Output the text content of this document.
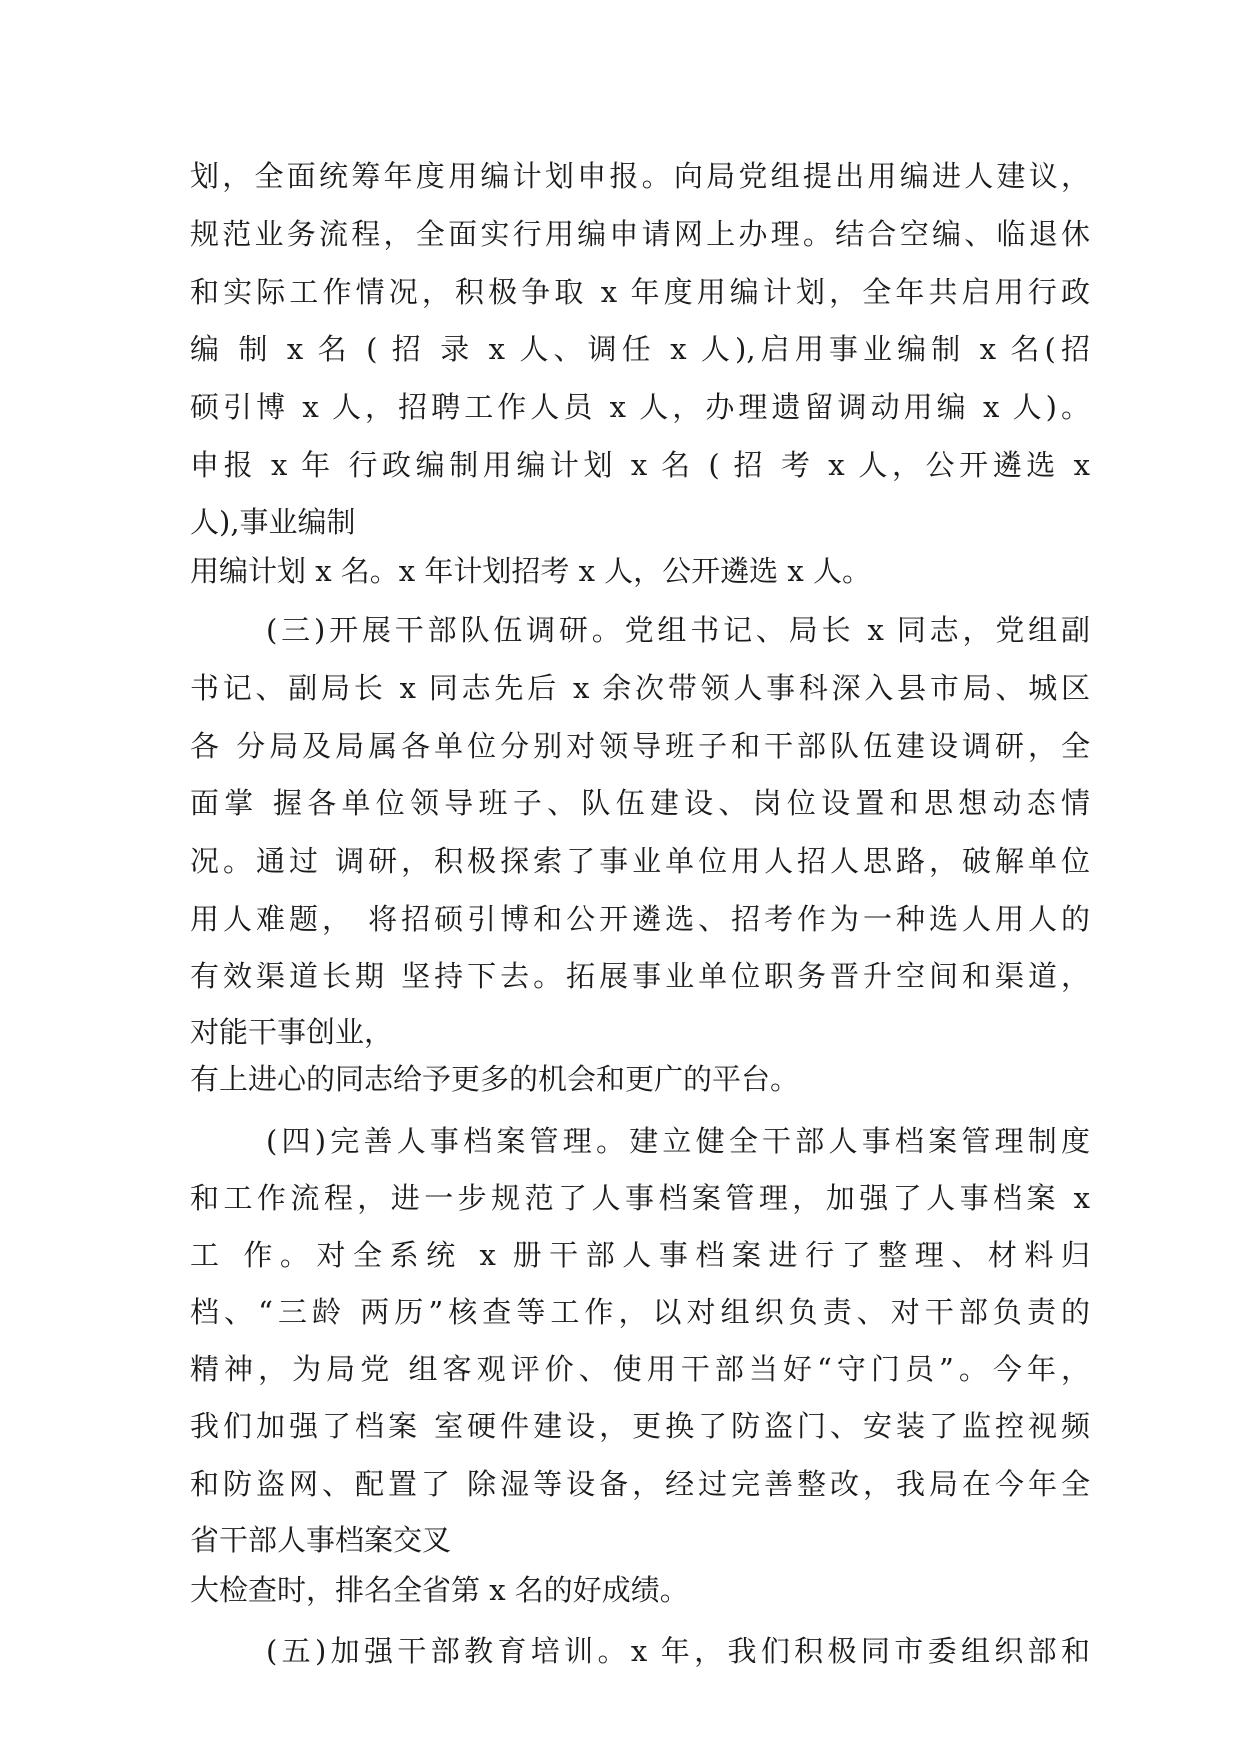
划，全面统筹年度用编计划申报。向局党组提出用编进人建议，
规范业务流程，全面实行用编申请网上办理。结合空编、临退休
和实际工作情况，积极争取 x 年度用编计划，全年共启用行政
编 制 x 名 ( 招 录 x 人、调任 x 人),启用事业编制 x 名(招
硕引博 x 人，招聘工作人员 x 人，办理遗留调动用编 x 人)。
申报 x 年 行政编制用编计划 x 名 ( 招 考 x 人，公开遴选 x
人),事业编制
用编计划 x 名。x 年计划招考 x 人，公开遴选 x 人。
(三)开展干部队伍调研。党组书记、局长 x 同志，党组副
书记、副局长 x 同志先后 x 余次带领人事科深入县市局、城区
各 分局及局属各单位分别对领导班子和干部队伍建设调研，全
面掌 握各单位领导班子、队伍建设、岗位设置和思想动态情
况。通过 调研，积极探索了事业单位用人招人思路，破解单位
用人难题， 将招硕引博和公开遴选、招考作为一种选人用人的
有效渠道长期 坚持下去。拓展事业单位职务晋升空间和渠道，
对能干事创业，
有上进心的同志给予更多的机会和更广的平台。
(四)完善人事档案管理。建立健全干部人事档案管理制度
和工作流程，进一步规范了人事档案管理，加强了人事档案 x
工 作。对全系统 x 册干部人事档案进行了整理、材料归
档、“三龄 两历”核查等工作，以对组织负责、对干部负责的
精神，为局党 组客观评价、使用干部当好“守门员”。今年，
我们加强了档案 室硬件建设，更换了防盗门、安装了监控视频
和防盗网、配置了 除湿等设备，经过完善整改，我局在今年全
省干部人事档案交叉
大检查时，排名全省第 x 名的好成绩。
(五)加强干部教育培训。x 年，我们积极同市委组织部和
